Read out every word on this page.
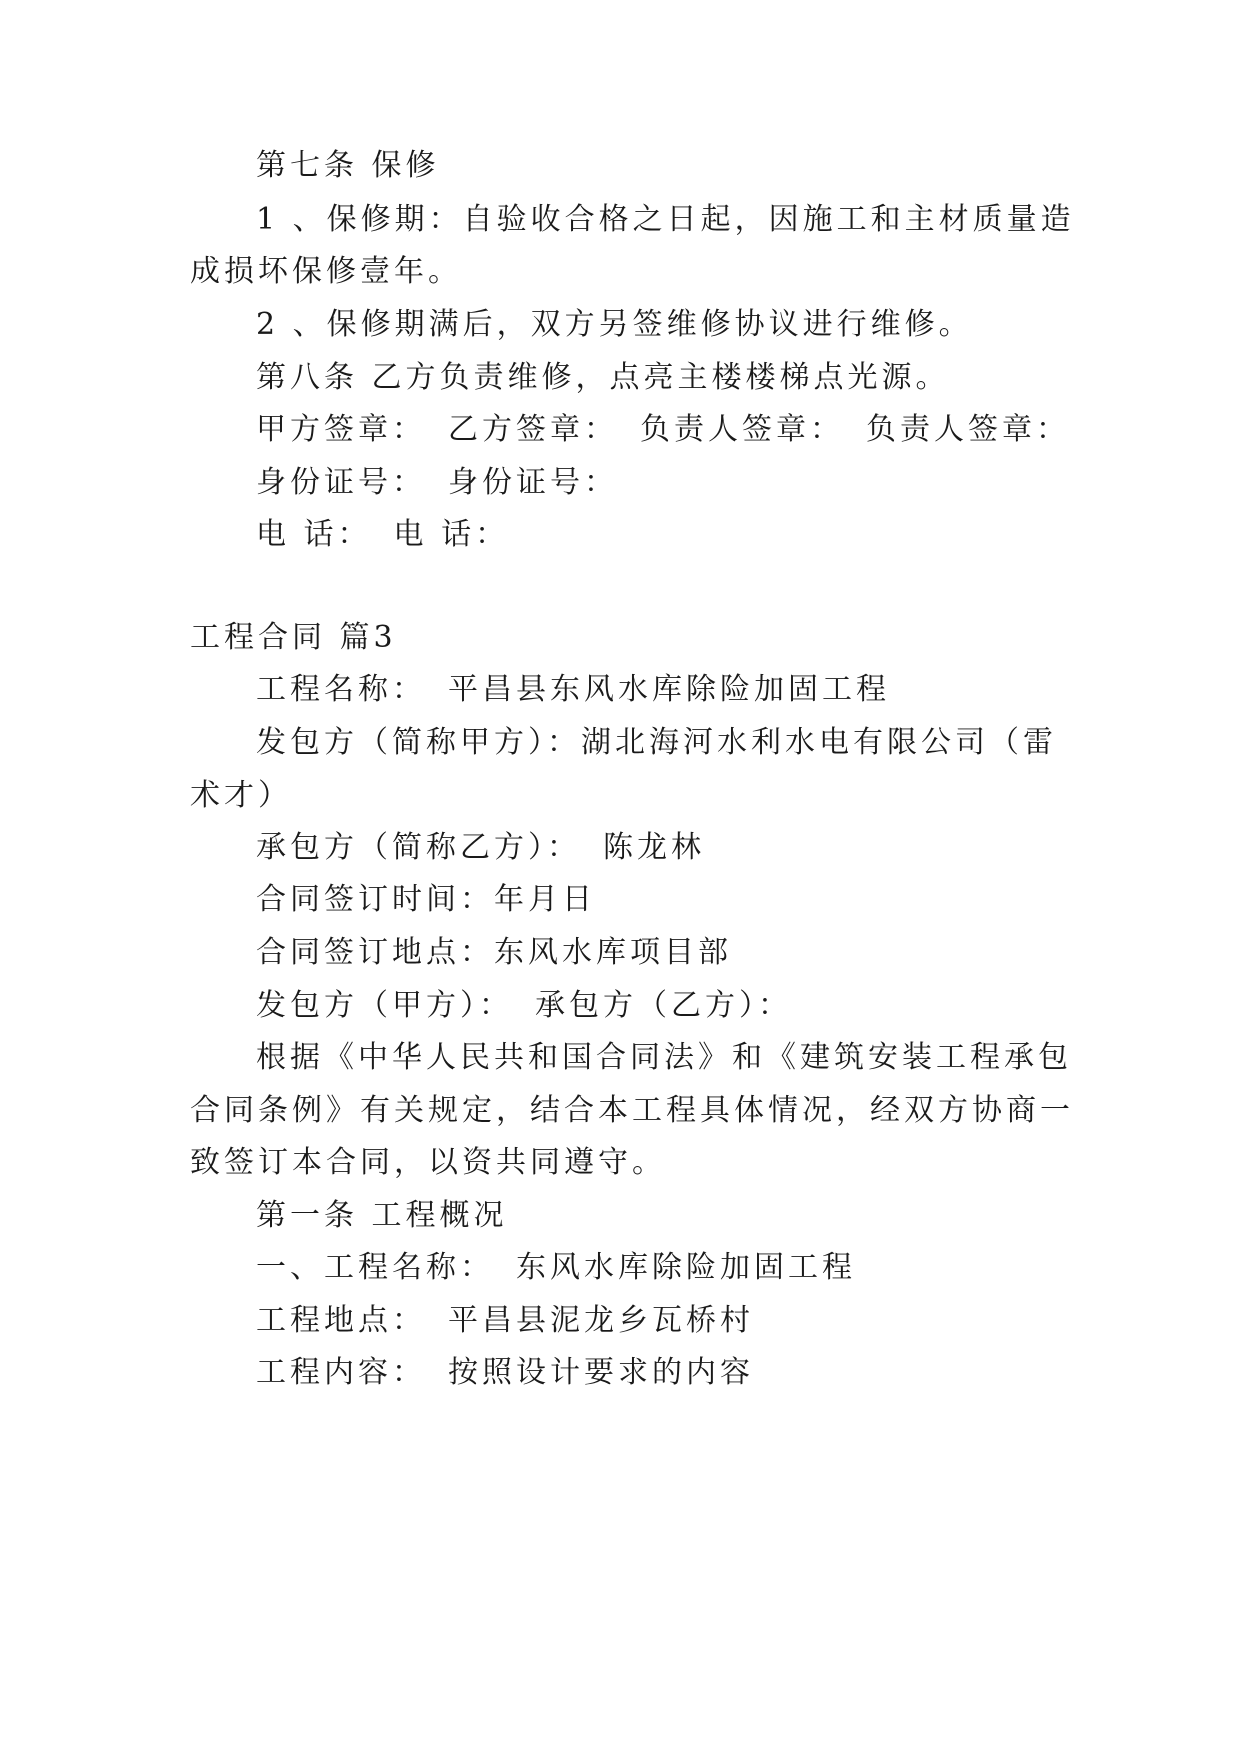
第七条 保修
1 、保修期：自验收合格之日起，因施工和主材质量造
成损坏保修壹年。
2 、保修期满后，双方另签维修协议进行维修。
第八条 乙方负责维修，点亮主楼楼梯点光源。
甲方签章： 乙方签章： 负责人签章： 负责人签章：
身份证号： 身份证号：
电 话： 电 话：
工程合同 篇3
工程名称： 平昌县东风水库除险加固工程
发包方（简称甲方）：湖北海河水利水电有限公司（雷
术才）
承包方（简称乙方）： 陈龙林
合同签订时间：年月日
合同签订地点：东风水库项目部
发包方（甲方）： 承包方（乙方）：
根据《中华人民共和国合同法》和《建筑安装工程承包
合同条例》有关规定，结合本工程具体情况，经双方协商一
致签订本合同，以资共同遵守。
第一条 工程概况
一、工程名称： 东风水库除险加固工程
工程地点： 平昌县泥龙乡瓦桥村
工程内容： 按照设计要求的内容
